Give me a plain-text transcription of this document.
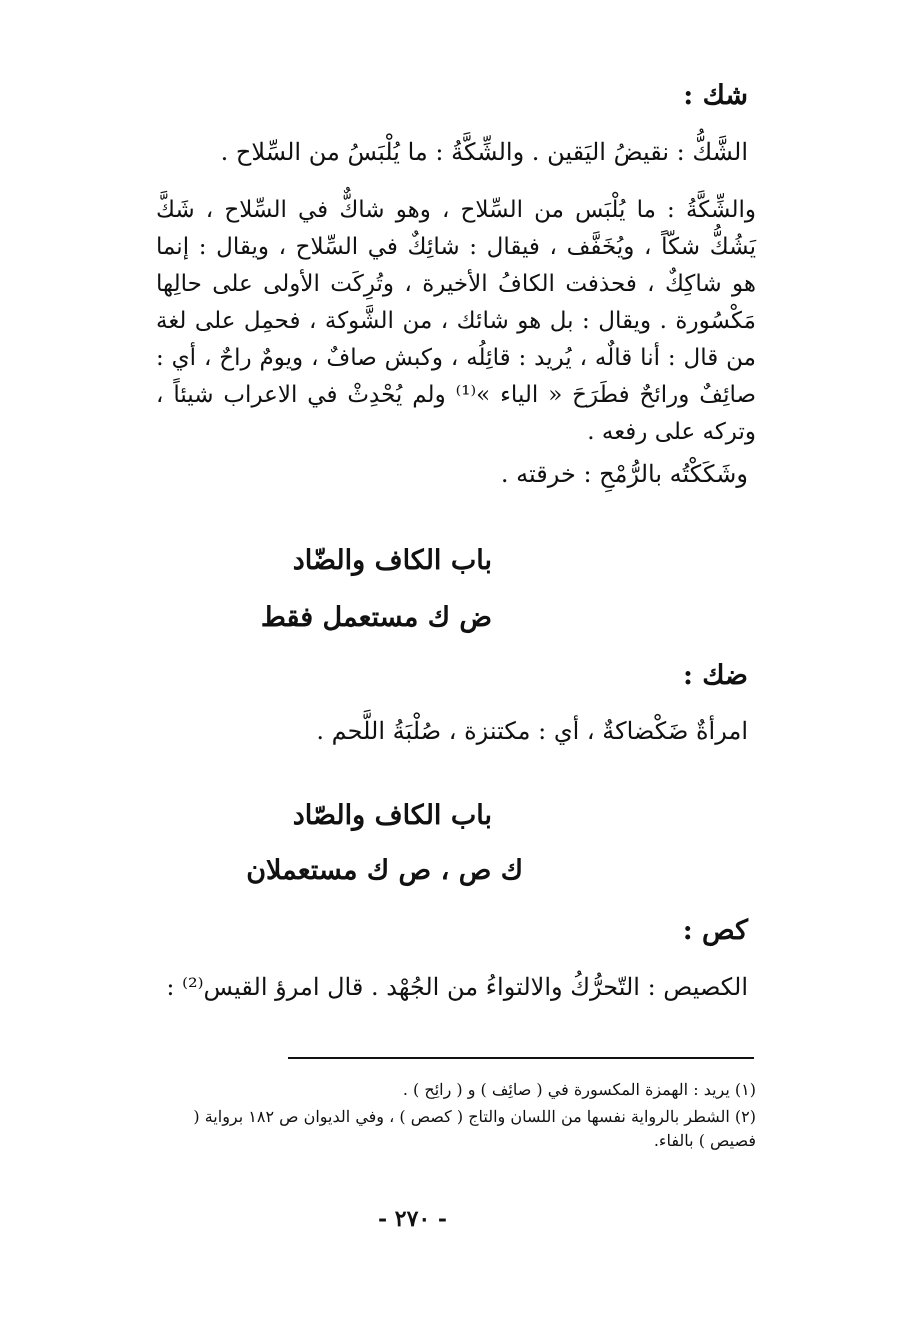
شك :
الشَّكُّ : نقيضُ اليَقين . والشِّكَّةُ : ما يُلْبَسُ من السِّلاح .
والشِّكَّةُ : ما يُلْبَس من السِّلاح ، وهو شاكٌّ في السِّلاح ، شَكَّ يَشُكُّ شكّاً ، ويُخَفَّف ، فيقال : شائِكٌ في السِّلاح ، ويقال : إنما هو شاكِكٌ ، فحذفت الكافُ الأخيرة ، وتُرِكَت الأولى على حالِها مَكْسُورة . ويقال : بل هو شائك ، من الشَّوكة ، فحمِل على لغة من قال : أنا قالٌه ، يُريد : قائِلُه ، وكبش صافٌ ، ويومٌ راحٌ ، أي : صائِفٌ ورائحٌ فطَرَحَ « الياء »⁽¹⁾ ولم يُحْدِثْ في الاعراب شيئاً ، وتركه على رفعه .
وشَكَكْتُه بالرُّمْحِ : خرقته .
باب الكاف والضّاد
ض ك مستعمل فقط
ضك :
امرأةٌ ضَكْضاكةٌ ، أي : مكتنزة ، صُلْبَةُ اللَّحم .
باب الكاف والصّاد
ك ص ، ص ك مستعملان
كص :
الكصيص : التّحرُّكُ والالتواءُ من الجُهْد . قال امرؤ القيس⁽²⁾ :
(١) يريد : الهمزة المكسورة في ( صائِف ) و ( رائِح ) .
(٢) الشطر بالرواية نفسها من اللسان والتاج ( كصص ) ، وفي الديوان ص ١٨٢ برواية ( فصيص ) بالفاء.
- ٢٧٠ -
